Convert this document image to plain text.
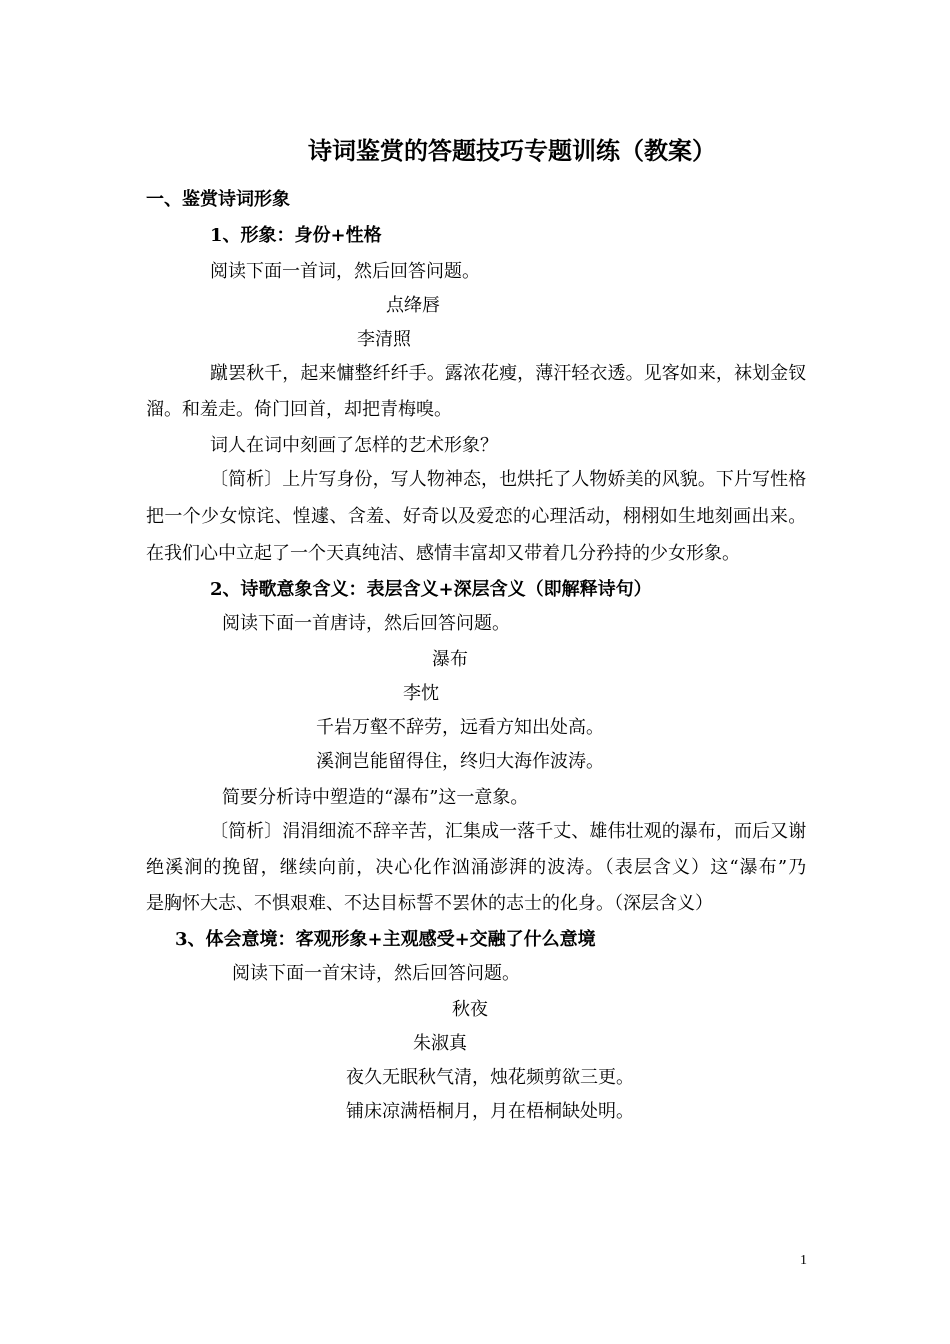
诗词鉴赏的答题技巧专题训练（教案）
一、鉴赏诗词形象
1、形象：身份+性格
阅读下面一首词，然后回答问题。
点绛唇
李清照
蹴罢秋千，起来慵整纤纤手。露浓花瘦，薄汗轻衣透。见客如来，袜划金钗
溜。和羞走。倚门回首，却把青梅嗅。
词人在词中刻画了怎样的艺术形象？
〔简析〕上片写身份，写人物神态，也烘托了人物娇美的风貌。下片写性格
把一个少女惊诧、惶遽、含羞、好奇以及爱恋的心理活动，栩栩如生地刻画出来。
在我们心中立起了一个天真纯洁、感情丰富却又带着几分矜持的少女形象。
2、诗歌意象含义：表层含义+深层含义（即解释诗句）
阅读下面一首唐诗，然后回答问题。
瀑布
李忱
千岩万壑不辞劳，远看方知出处高。
溪涧岂能留得住，终归大海作波涛。
简要分析诗中塑造的“瀑布”这一意象。
〔简析〕涓涓细流不辞辛苦，汇集成一落千丈、雄伟壮观的瀑布，而后又谢
绝溪涧的挽留，继续向前，决心化作汹涌澎湃的波涛。（表层含义）这“瀑布”乃
是胸怀大志、不惧艰难、不达目标誓不罢休的志士的化身。（深层含义）
3、体会意境：客观形象+主观感受+交融了什么意境
阅读下面一首宋诗，然后回答问题。
秋夜
朱淑真
夜久无眠秋气清，烛花频剪欲三更。
铺床凉满梧桐月，月在梧桐缺处明。
1
